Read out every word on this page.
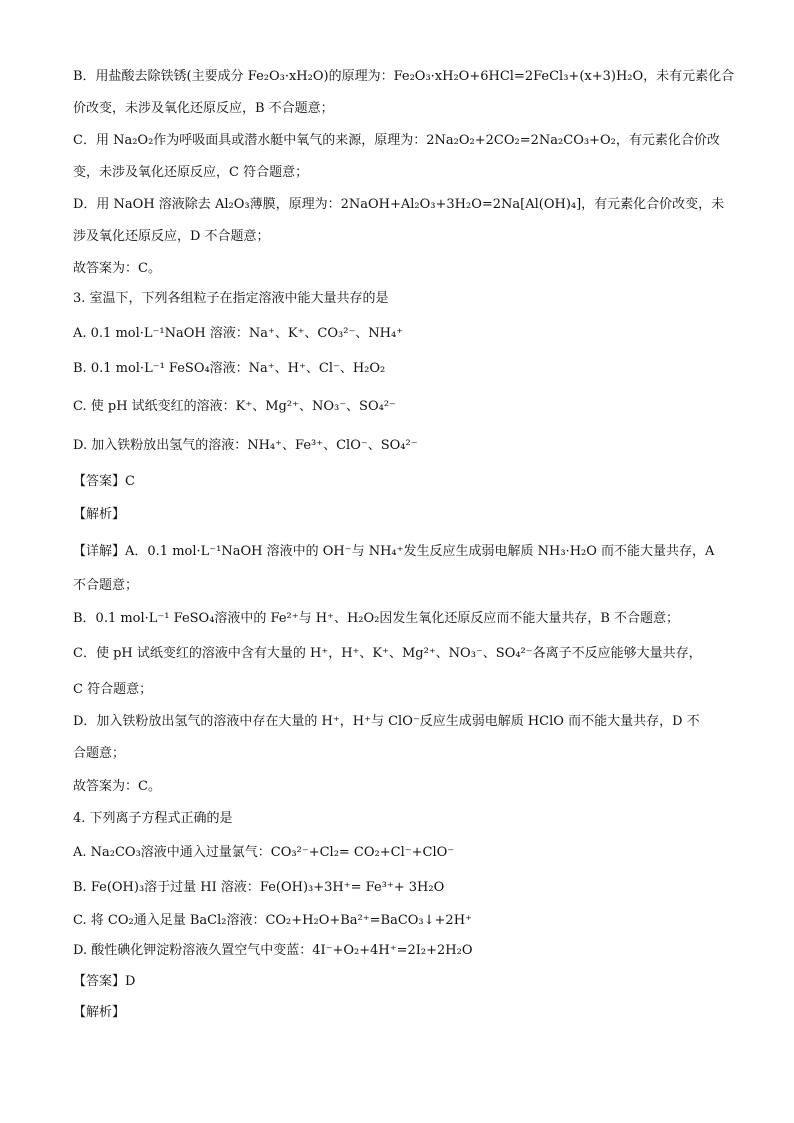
B．用盐酸去除铁锈(主要成分 Fe₂O₃·xH₂O)的原理为：Fe₂O₃·xH₂O+6HCl=2FeCl₃+(x+3)H₂O，未有元素化合
价改变，未涉及氧化还原反应，B 不合题意；
C．用 Na₂O₂作为呼吸面具或潜水艇中氧气的来源，原理为：2Na₂O₂+2CO₂=2Na₂CO₃+O₂，有元素化合价改
变，未涉及氧化还原反应，C 符合题意；
D．用 NaOH 溶液除去 Al₂O₃薄膜，原理为：2NaOH+Al₂O₃+3H₂O=2Na[Al(OH)₄]，有元素化合价改变，未
涉及氧化还原反应，D 不合题意；
故答案为：C。
3. 室温下，下列各组粒子在指定溶液中能大量共存的是
A. 0.1 mol·L⁻¹NaOH 溶液：Na⁺、K⁺、CO₃²⁻、NH₄⁺
B. 0.1 mol·L⁻¹ FeSO₄溶液：Na⁺、H⁺、Cl⁻、H₂O₂
C. 使 pH 试纸变红的溶液：K⁺、Mg²⁺、NO₃⁻、SO₄²⁻
D. 加入铁粉放出氢气的溶液：NH₄⁺、Fe³⁺、ClO⁻、SO₄²⁻
【答案】C
【解析】
【详解】A．0.1 mol·L⁻¹NaOH 溶液中的 OH⁻与 NH₄⁺发生反应生成弱电解质 NH₃·H₂O 而不能大量共存，A
不合题意；
B．0.1 mol·L⁻¹ FeSO₄溶液中的 Fe²⁺与 H⁺、H₂O₂因发生氧化还原反应而不能大量共存，B 不合题意；
C．使 pH 试纸变红的溶液中含有大量的 H⁺，H⁺、K⁺、Mg²⁺、NO₃⁻、SO₄²⁻各离子不反应能够大量共存，
C 符合题意；
D．加入铁粉放出氢气的溶液中存在大量的 H⁺，H⁺与 ClO⁻反应生成弱电解质 HClO 而不能大量共存，D 不
合题意；
故答案为：C。
4. 下列离子方程式正确的是
A. Na₂CO₃溶液中通入过量氯气：CO₃²⁻+Cl₂= CO₂+Cl⁻+ClO⁻
B. Fe(OH)₃溶于过量 HI 溶液：Fe(OH)₃+3H⁺= Fe³⁺+ 3H₂O
C. 将 CO₂通入足量 BaCl₂溶液：CO₂+H₂O+Ba²⁺=BaCO₃↓+2H⁺
D. 酸性碘化钾淀粉溶液久置空气中变蓝：4I⁻+O₂+4H⁺=2I₂+2H₂O
【答案】D
【解析】
